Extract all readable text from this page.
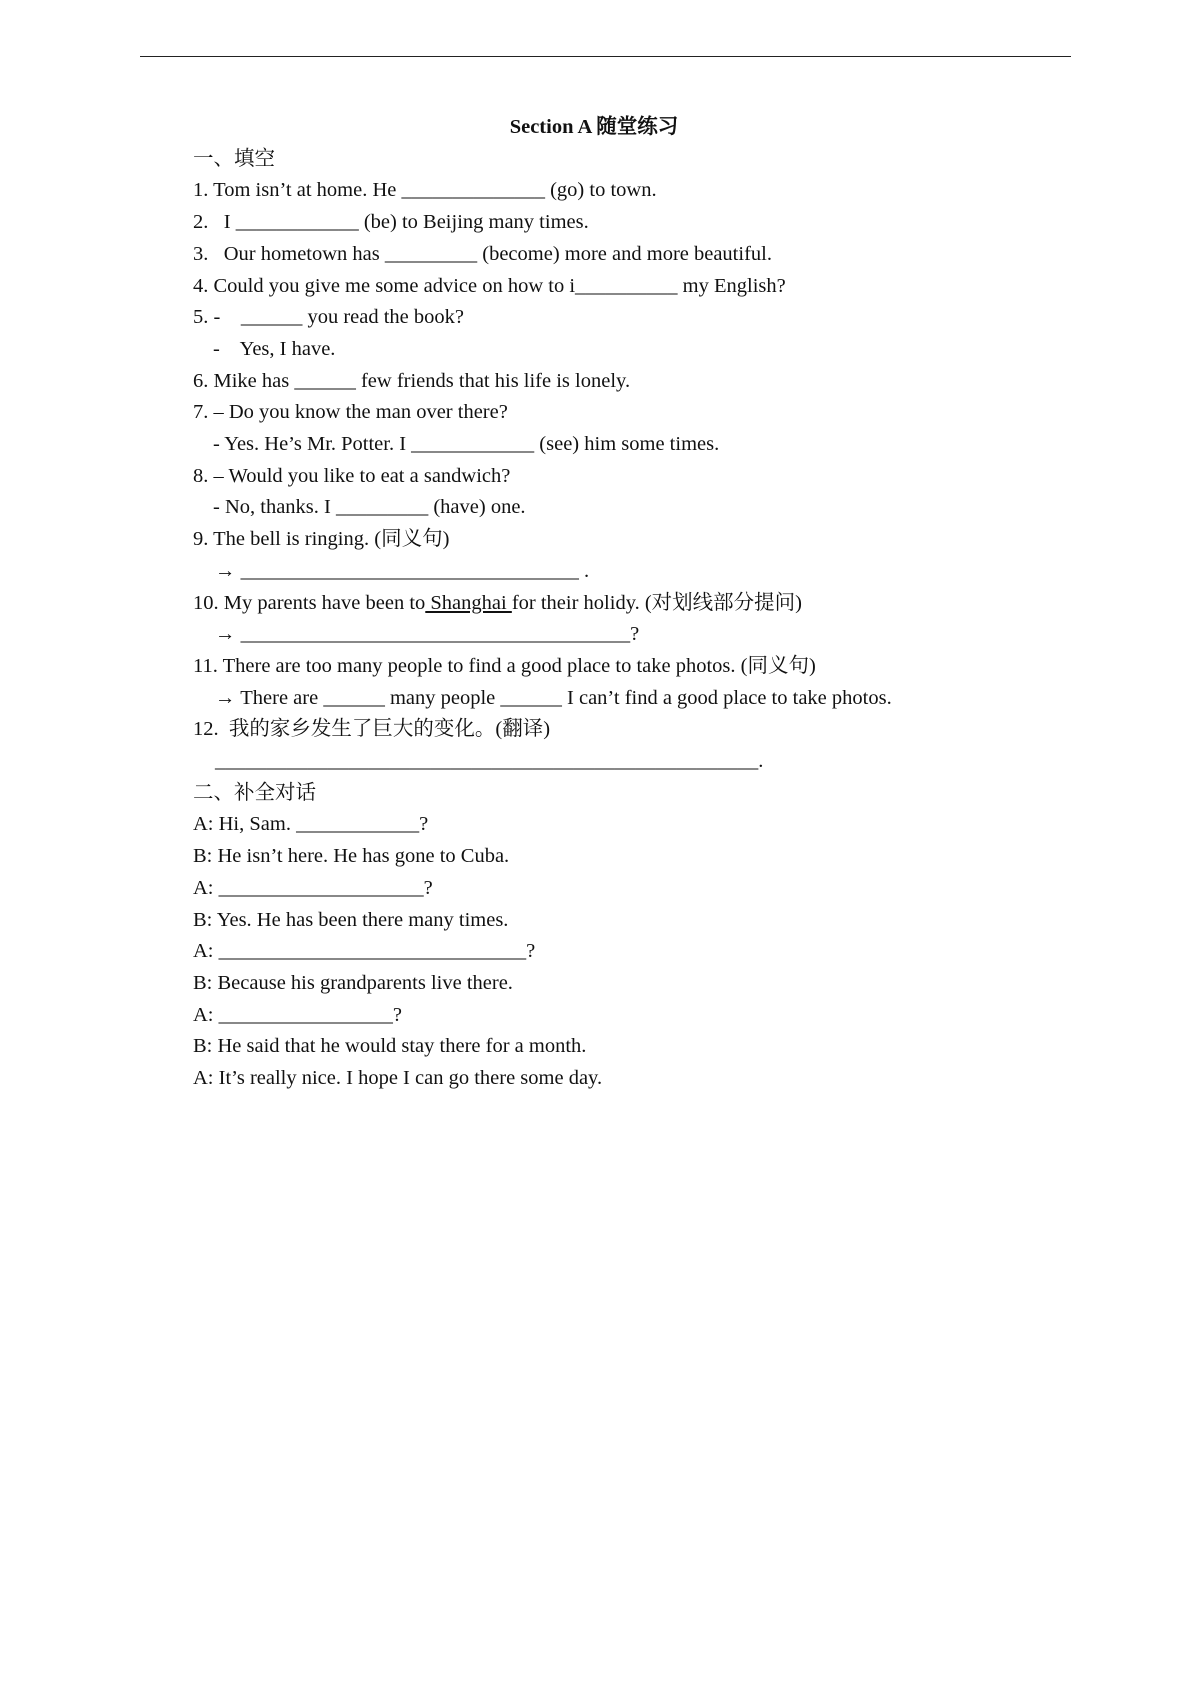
Section A 随堂练习
一、填空
1. Tom isn’t at home. He ______________ (go) to town.
2.   I ____________ (be) to Beijing many times.
3.   Our hometown has _________ (become) more and more beautiful.
4. Could you give me some advice on how to i__________ my English?
5. -    ______ you read the book?
-    Yes, I have.
6. Mike has ______ few friends that his life is lonely.
7. – Do you know the man over there?
- Yes. He’s Mr. Potter. I ____________ (see) him some times.
8. – Would you like to eat a sandwich?
- No, thanks. I _________ (have) one.
9. The bell is ringing. (同义句)
→ _________________________________ .
10. My parents have been to Shanghai for their holidy. (对划线部分提问)
→ ______________________________________?
11. There are too many people to find a good place to take photos. (同义句)
→ There are ______ many people ______ I can’t find a good place to take photos.
12.  我的家乡发生了巨大的变化。(翻译)
_____________________________________________________.
二、补全对话
A: Hi, Sam. ____________?
B: He isn’t here. He has gone to Cuba.
A: ____________________?
B: Yes. He has been there many times.
A: ______________________________?
B: Because his grandparents live there.
A: _________________?
B: He said that he would stay there for a month.
A: It’s really nice. I hope I can go there some day.
